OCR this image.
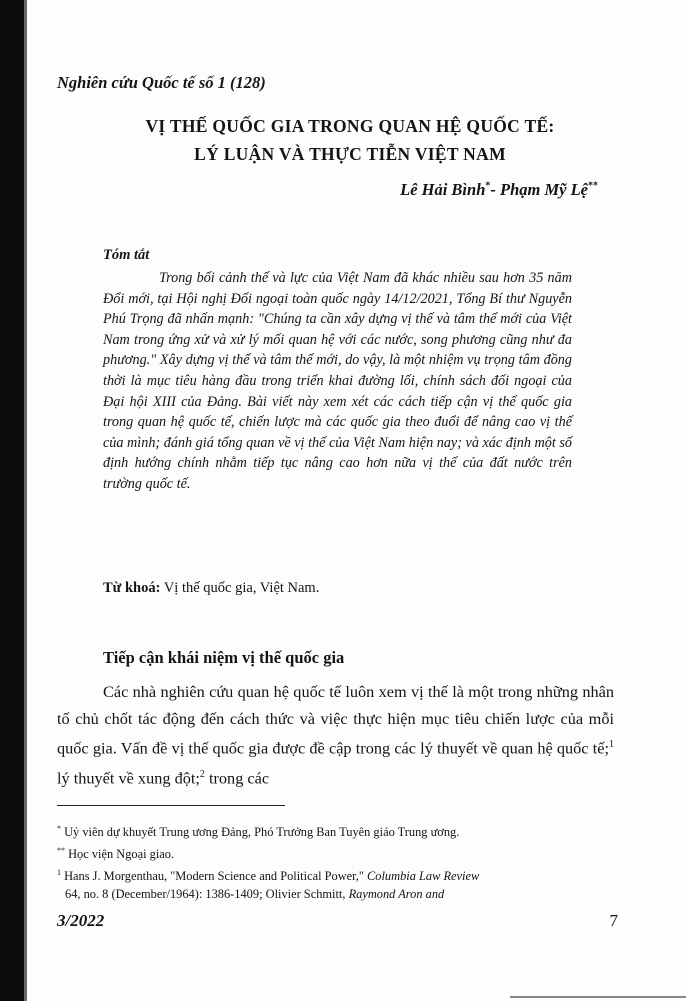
Nghiên cứu Quốc tế số 1 (128)
VỊ THẾ QUỐC GIA TRONG QUAN HỆ QUỐC TẾ:
LÝ LUẬN VÀ THỰC TIỄN VIỆT NAM
Lê Hải Bình*- Phạm Mỹ Lệ**
Tóm tắt

Trong bối cảnh thế và lực của Việt Nam đã khác nhiều sau hơn 35 năm Đổi mới, tại Hội nghị Đối ngoại toàn quốc ngày 14/12/2021, Tổng Bí thư Nguyễn Phú Trọng đã nhấn mạnh: "Chúng ta cần xây dựng vị thế và tâm thế mới của Việt Nam trong ứng xử và xử lý mối quan hệ với các nước, song phương cũng như đa phương." Xây dựng vị thế và tâm thế mới, do vậy, là một nhiệm vụ trọng tâm đồng thời là mục tiêu hàng đầu trong triển khai đường lối, chính sách đối ngoại của Đại hội XIII của Đảng. Bài viết này xem xét các cách tiếp cận vị thế quốc gia trong quan hệ quốc tế, chiến lược mà các quốc gia theo đuổi để nâng cao vị thế của mình; đánh giá tổng quan về vị thế của Việt Nam hiện nay; và xác định một số định hướng chính nhằm tiếp tục nâng cao hơn nữa vị thế của đất nước trên trường quốc tế.

Từ khoá: Vị thế quốc gia, Việt Nam.
Tiếp cận khái niệm vị thế quốc gia

Các nhà nghiên cứu quan hệ quốc tế luôn xem vị thế là một trong những nhân tố chủ chốt tác động đến cách thức và việc thực hiện mục tiêu chiến lược của mỗi quốc gia. Vấn đề vị thế quốc gia được đề cập trong các lý thuyết về quan hệ quốc tế;$^1$ lý thuyết về xung đột;$^2$ trong các

* Uỷ viên dự khuyết Trung ương Đảng, Phó Trưởng Ban Tuyên giáo Trung ương.

** Học viện Ngoại giao.

$^1$ Hans J. Morgenthau, "Modern Science and Political Power," Columbia Law Review
64, no. 8 (December/1964): 1386-1409; Olivier Schmitt, Raymond Aron and

3/2022	7
